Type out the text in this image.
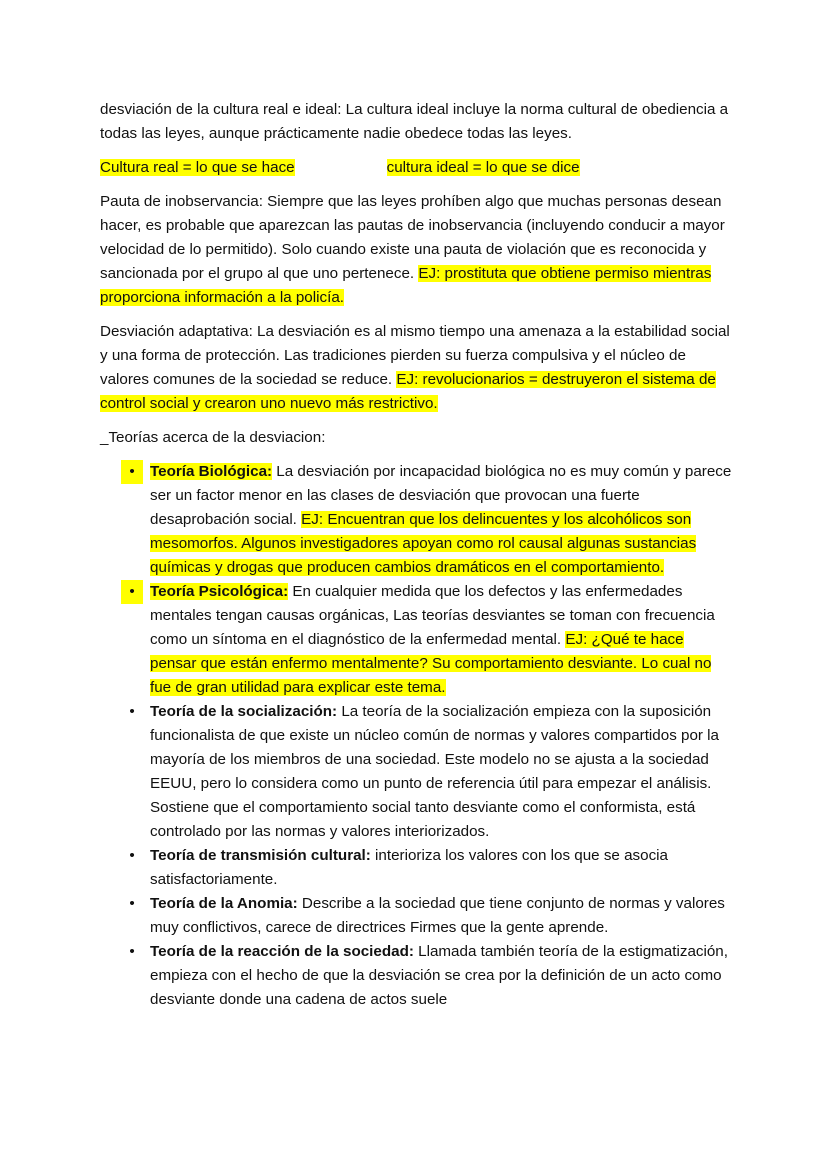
desviación de la cultura real e ideal: La cultura ideal incluye la norma cultural de obediencia a todas las leyes, aunque prácticamente nadie obedece todas las leyes.

Cultura real = lo que se hace	cultura ideal = lo que se dice

Pauta de inobservancia: Siempre que las leyes prohíben algo que muchas personas desean hacer, es probable que aparezcan las pautas de inobservancia (incluyendo conducir a mayor velocidad de lo permitido). Solo cuando existe una pauta de violación que es reconocida y sancionada por el grupo al que uno pertenece. EJ: prostituta que obtiene permiso mientras proporciona información a la policía.

Desviación adaptativa: La desviación es al mismo tiempo una amenaza a la estabilidad social y una forma de protección. Las tradiciones pierden su fuerza compulsiva y el núcleo de valores comunes de la sociedad se reduce. EJ: revolucionarios = destruyeron el sistema de control social y crearon uno nuevo más restrictivo.

_Teorías acerca de la desviacion:

•	Teoría Biológica: La desviación por incapacidad biológica no es muy común y parece ser un factor menor en las clases de desviación que provocan una fuerte desaprobación social. EJ: Encuentran que los delincuentes y los alcohólicos son mesomorfos. Algunos investigadores apoyan como rol causal algunas sustancias químicas y drogas que producen cambios dramáticos en el comportamiento.
•	Teoría Psicológica: En cualquier medida que los defectos y las enfermedades mentales tengan causas orgánicas, Las teorías desviantes se toman con frecuencia como un síntoma en el diagnóstico de la enfermedad mental. EJ: ¿Qué te hace pensar que están enfermo mentalmente? Su comportamiento desviante. Lo cual no fue de gran utilidad para explicar este tema.
•	Teoría de la socialización: La teoría de la socialización empieza con la suposición funcionalista de que existe un núcleo común de normas y valores compartidos por la mayoría de los miembros de una sociedad. Este modelo no se ajusta a la sociedad EEUU, pero lo considera como un punto de referencia útil para empezar el análisis. Sostiene que el comportamiento social tanto desviante como el conformista, está controlado por las normas y valores interiorizados.
•	Teoría de transmisión cultural: interioriza los valores con los que se asocia satisfactoriamente.
•	Teoría de la Anomia: Describe a la sociedad que tiene conjunto de normas y valores muy conflictivos, carece de directrices Firmes que la gente aprende.
•	Teoría de la reacción de la sociedad: Llamada también teoría de la estigmatización, empieza con el hecho de que la desviación se crea por la definición de un acto como desviante donde una cadena de actos suele
